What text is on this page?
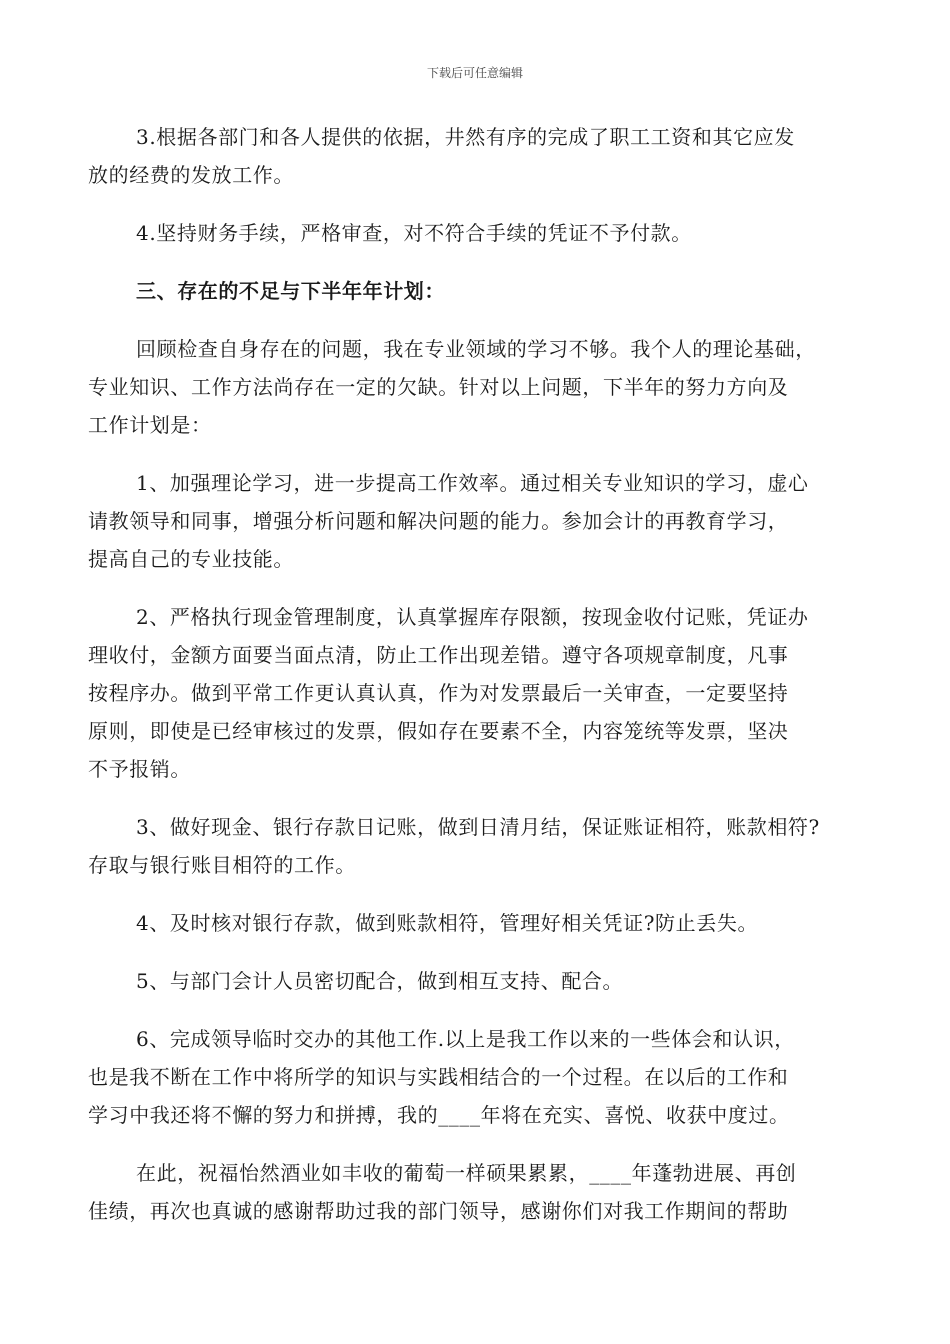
下载后可任意编辑

3.根据各部门和各人提供的依据，井然有序的完成了职工工资和其它应发
放的经费的发放工作。

4.坚持财务手续，严格审查，对不符合手续的凭证不予付款。

三、存在的不足与下半年年计划：

回顾检查自身存在的问题，我在专业领域的学习不够。我个人的理论基础，
专业知识、工作方法尚存在一定的欠缺。针对以上问题，下半年的努力方向及
工作计划是：

1、加强理论学习，进一步提高工作效率。通过相关专业知识的学习，虚心
请教领导和同事，增强分析问题和解决问题的能力。参加会计的再教育学习，
提高自己的专业技能。

2、严格执行现金管理制度，认真掌握库存限额，按现金收付记账，凭证办
理收付，金额方面要当面点清，防止工作出现差错。遵守各项规章制度，凡事
按程序办。做到平常工作更认真认真，作为对发票最后一关审查，一定要坚持
原则，即使是已经审核过的发票，假如存在要素不全，内容笼统等发票，坚决
不予报销。

3、做好现金、银行存款日记账，做到日清月结，保证账证相符，账款相符?
存取与银行账目相符的工作。

4、及时核对银行存款，做到账款相符，管理好相关凭证?防止丢失。

5、与部门会计人员密切配合，做到相互支持、配合。

6、完成领导临时交办的其他工作.以上是我工作以来的一些体会和认识，
也是我不断在工作中将所学的知识与实践相结合的一个过程。在以后的工作和
学习中我还将不懈的努力和拼搏，我的____年将在充实、喜悦、收获中度过。

在此，祝福怡然酒业如丰收的葡萄一样硕果累累，____年蓬勃进展、再创
佳绩，再次也真诚的感谢帮助过我的部门领导，感谢你们对我工作期间的帮助
